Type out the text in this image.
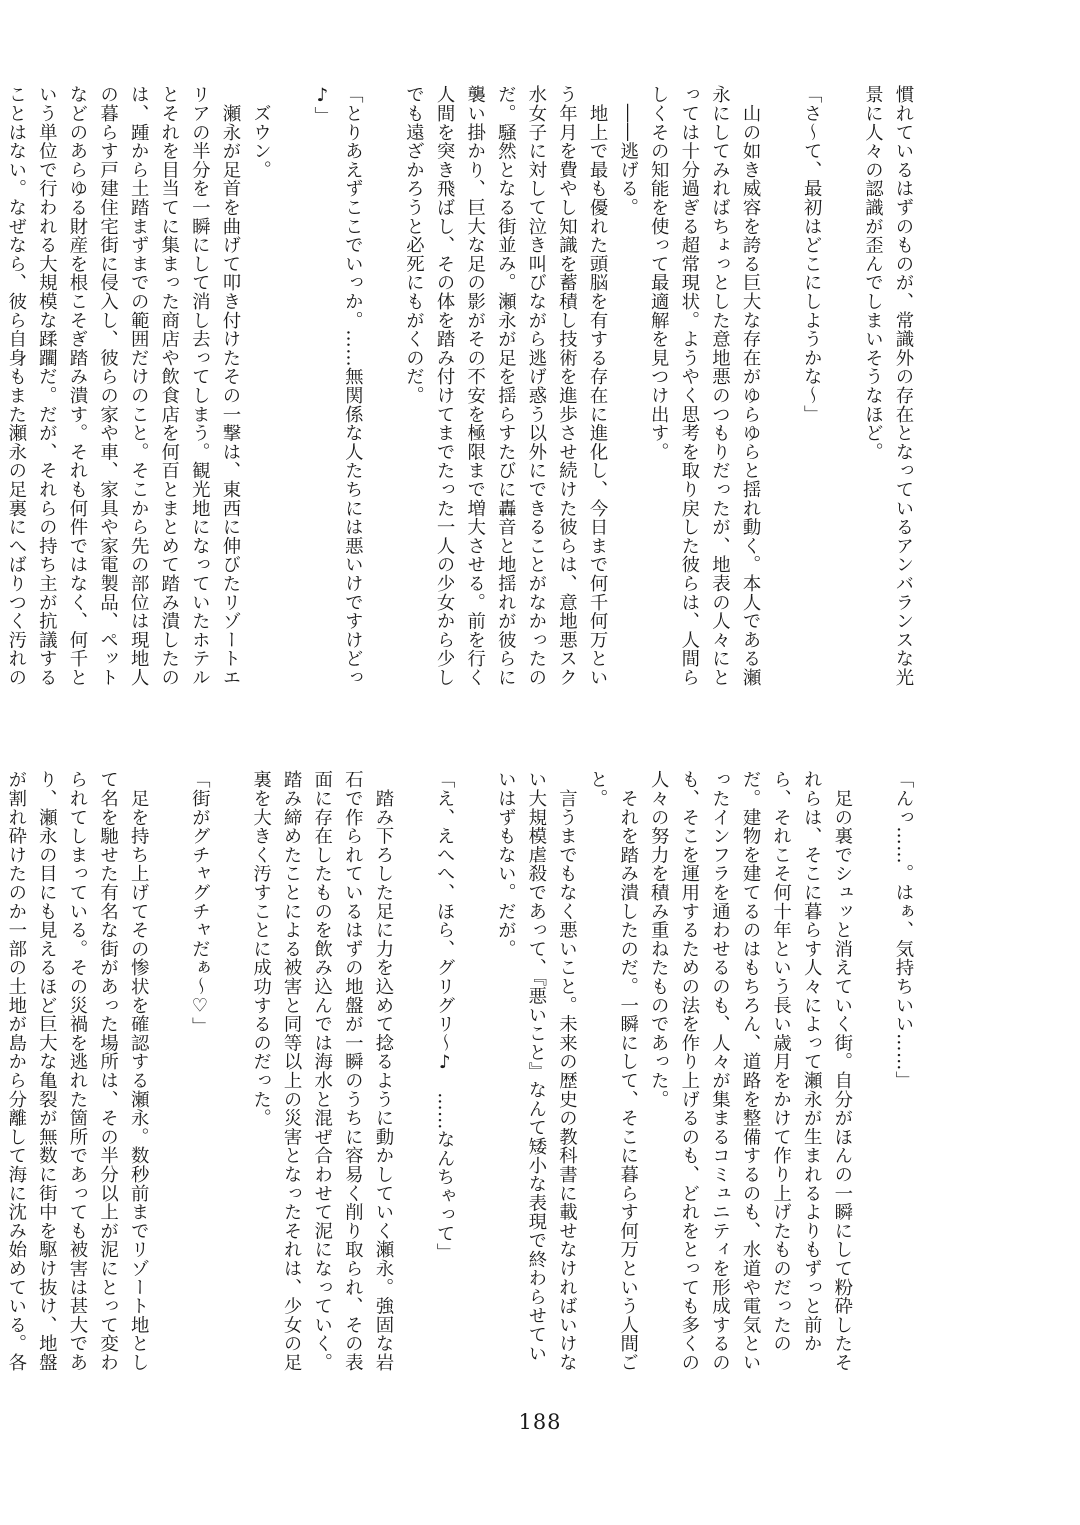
慣れているはずのものが、常識外の存在となっているアンバランスな光景に人々の認識が歪んでしまいそうなほど。

「さ〜て、最初はどこにしようかな〜」

　山の如き威容を誇る巨大な存在がゆらゆらと揺れ動く。本人である瀬永にしてみればちょっとした意地悪のつもりだったが、地表の人々にとっては十分過ぎる超常現状。ようやく思考を取り戻した彼らは、人間らしくその知能を使って最適解を見つけ出す。

　――逃げる。

　地上で最も優れた頭脳を有する存在に進化し、今日まで何千何万という年月を費やし知識を蓄積し技術を進歩させ続けた彼らは、意地悪スク水女子に対して泣き叫びながら逃げ惑う以外にできることがなかったのだ。騒然となる街並み。瀬永が足を揺らすたびに轟音と地揺れが彼らに襲い掛かり、巨大な足の影がその不安を極限まで増大させる。前を行く人間を突き飛ばし、その体を踏み付けてまでたった一人の少女から少しでも遠ざかろうと必死にもがくのだ。

「とりあえずここでいっか。……無関係な人たちには悪いけですけどっ♪」

　ズウン。

　瀬永が足首を曲げて叩き付けたその一撃は、東西に伸びたリゾートエリアの半分を一瞬にして消し去ってしまう。観光地になっていたホテルとそれを目当てに集まった商店や飲食店を何百とまとめて踏み潰したのは、踵から土踏まずまでの範囲だけのこと。そこから先の部位は現地人の暮らす戸建住宅街に侵入し、彼らの家や車、家具や家電製品、ペットなどのあらゆる財産を根こそぎ踏み潰す。それも何件ではなく、何千という単位で行われる大規模な蹂躙だ。だが、それらの持ち主が抗議することはない。なぜなら、彼ら自身もまた瀬永の足裏にへばりつく汚れの

「んっ……。はぁ、気持ちいい……」

　足の裏でシュッと消えていく街。自分がほんの一瞬にして粉砕したそれらは、そこに暮らす人々によって瀬永が生まれるよりもずっと前から、それこそ何十年という長い歳月をかけて作り上げたものだったのだ。建物を建てるのはもちろん、道路を整備するのも、水道や電気といったインフラを通わせるのも、人々が集まるコミュニティを形成するのも、そこを運用するための法を作り上げるのも、どれをとっても多くの人々の努力を積み重ねたものであった。

　それを踏み潰したのだ。一瞬にして、そこに暮らす何万という人間ごと。

　言うまでもなく悪いこと。未来の歴史の教科書に載せなければいけない大規模虐殺であって、『悪いこと』なんて矮小な表現で終わらせていいはずもない。だが。

「え、えへへ、ほら、グリグリ〜♪　……なんちゃって」

　踏み下ろした足に力を込めて捻るように動かしていく瀬永。強固な岩石で作られているはずの地盤が一瞬のうちに容易く削り取られ、その表面に存在したものを飲み込んでは海水と混ぜ合わせて泥になっていく。踏み締めたことによる被害と同等以上の災害となったそれは、少女の足裏を大きく汚すことに成功するのだった。

「街がグチャグチャだぁ〜♡」

　足を持ち上げてその惨状を確認する瀬永。数秒前までリゾート地として名を馳せた有名な街があった場所は、その半分以上が泥にとって変わられてしまっている。その災禍を逃れた箇所であっても被害は甚大であり、瀬永の目にも見えるほど巨大な亀裂が無数に街中を駆け抜け、地盤が割れ砕けたのか一部の土地が島から分離して海に沈み始めている。各

188
